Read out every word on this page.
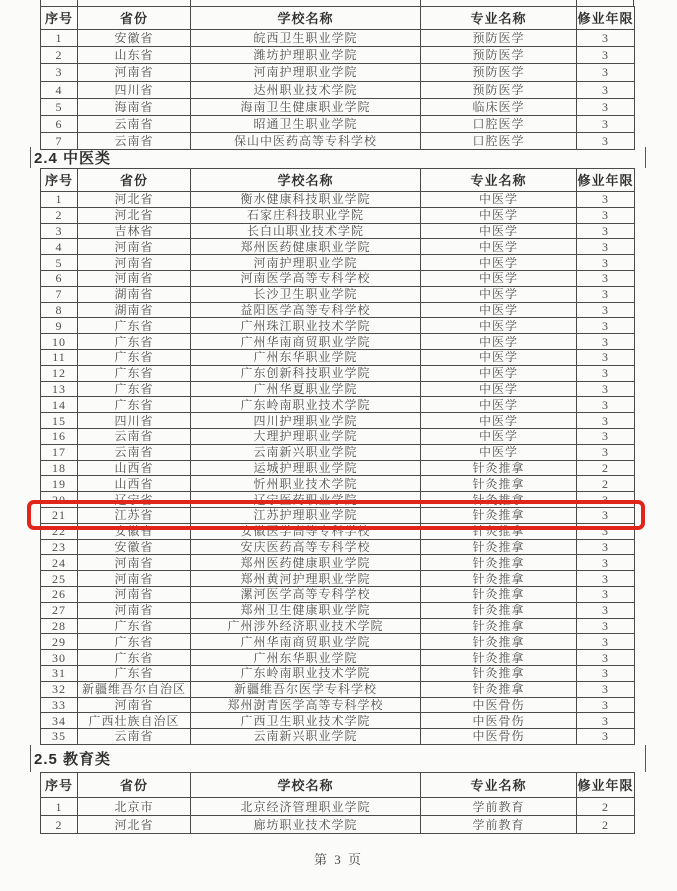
序号	省份	学校名称	专业名称	修业年限
1	安徽省	皖西卫生职业学院	预防医学	3
2	山东省	潍坊护理职业学院	预防医学	3
3	河南省	河南护理职业学院	预防医学	3
4	四川省	达州职业技术学院	预防医学	3
5	海南省	海南卫生健康职业学院	临床医学	3
6	云南省	昭通卫生职业学院	口腔医学	3
7	云南省	保山中医药高等专科学校	口腔医学	3
2.4 中医类
序号	省份	学校名称	专业名称	修业年限
1	河北省	衡水健康科技职业学院	中医学	3
2	河北省	石家庄科技职业学院	中医学	3
3	吉林省	长白山职业技术学院	中医学	3
4	河南省	郑州医药健康职业学院	中医学	3
5	河南省	河南护理职业学院	中医学	3
6	河南省	河南医学高等专科学校	中医学	3
7	湖南省	长沙卫生职业学院	中医学	3
8	湖南省	益阳医学高等专科学校	中医学	3
9	广东省	广州珠江职业技术学院	中医学	3
10	广东省	广州华南商贸职业学院	中医学	3
11	广东省	广州东华职业学院	中医学	3
12	广东省	广东创新科技职业学院	中医学	3
13	广东省	广州华夏职业学院	中医学	3
14	广东省	广东岭南职业技术学院	中医学	3
15	四川省	四川护理职业学院	中医学	3
16	云南省	大理护理职业学院	中医学	3
17	云南省	云南新兴职业学院	中医学	3
18	山西省	运城护理职业学院	针灸推拿	2
19	山西省	忻州职业技术学院	针灸推拿	2
20	辽宁省	辽宁医药职业学院	针灸推拿	3
21	江苏省	江苏护理职业学院	针灸推拿	3
22	安徽省	安徽医学高等专科学校	针灸推拿	3
23	安徽省	安庆医药高等专科学校	针灸推拿	3
24	河南省	郑州医药健康职业学院	针灸推拿	3
25	河南省	郑州黄河护理职业学院	针灸推拿	3
26	河南省	漯河医学高等专科学校	针灸推拿	3
27	河南省	郑州卫生健康职业学院	针灸推拿	3
28	广东省	广州涉外经济职业技术学院	针灸推拿	3
29	广东省	广州华南商贸职业学院	针灸推拿	3
30	广东省	广州东华职业学院	针灸推拿	3
31	广东省	广东岭南职业技术学院	针灸推拿	3
32	新疆维吾尔自治区	新疆维吾尔医学专科学校	针灸推拿	3
33	河南省	郑州澍青医学高等专科学校	中医骨伤	3
34	广西壮族自治区	广西卫生职业技术学院	中医骨伤	3
35	云南省	云南新兴职业学院	中医骨伤	3
2.5 教育类
序号	省份	学校名称	专业名称	修业年限
1	北京市	北京经济管理职业学院	学前教育	2
2	河北省	廊坊职业技术学院	学前教育	2
第 3 页
